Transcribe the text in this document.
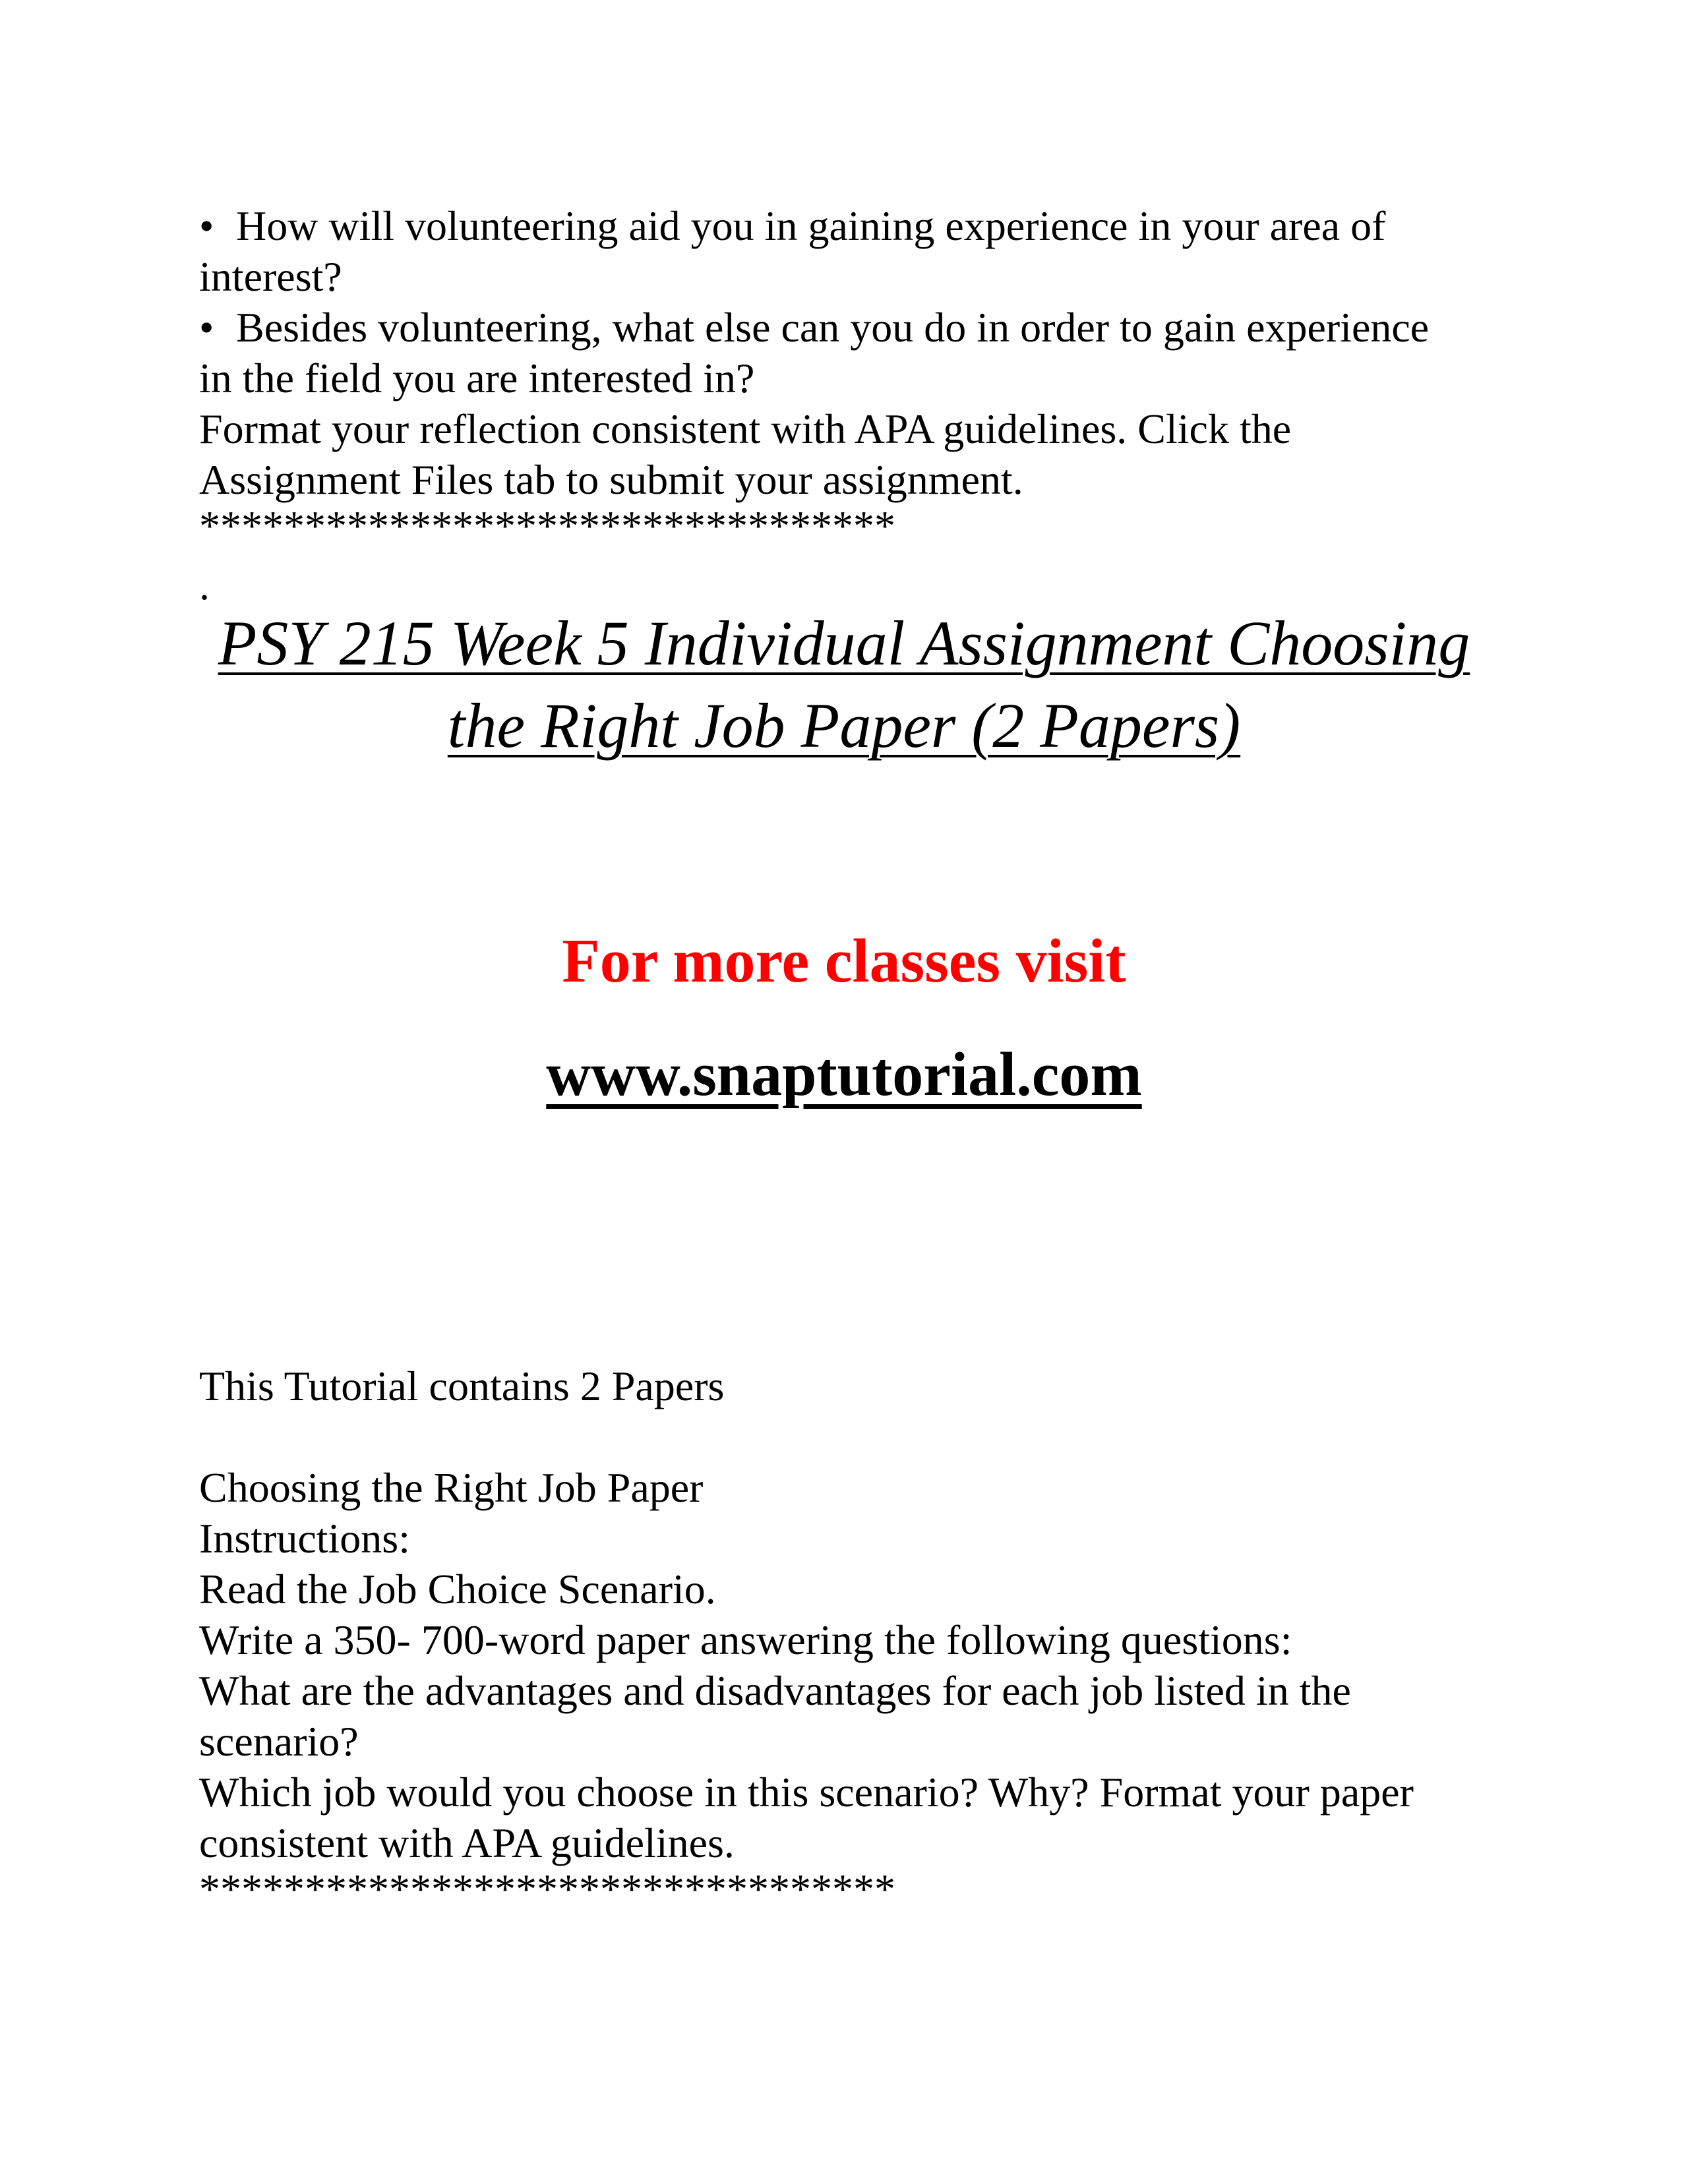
• How will volunteering aid you in gaining experience in your area of
interest?
• Besides volunteering, what else can you do in order to gain experience
in the field you are interested in?
Format your reflection consistent with APA guidelines. Click the
Assignment Files tab to submit your assignment.
*********************************
.
PSY 215 Week 5 Individual Assignment Choosing
the Right Job Paper (2 Papers)
For more classes visit
www.snaptutorial.com
This Tutorial contains 2 Papers
Choosing the Right Job Paper
Instructions:
Read the Job Choice Scenario.
Write a 350- 700-word paper answering the following questions:
What are the advantages and disadvantages for each job listed in the
scenario?
Which job would you choose in this scenario? Why? Format your paper
consistent with APA guidelines.
*********************************
